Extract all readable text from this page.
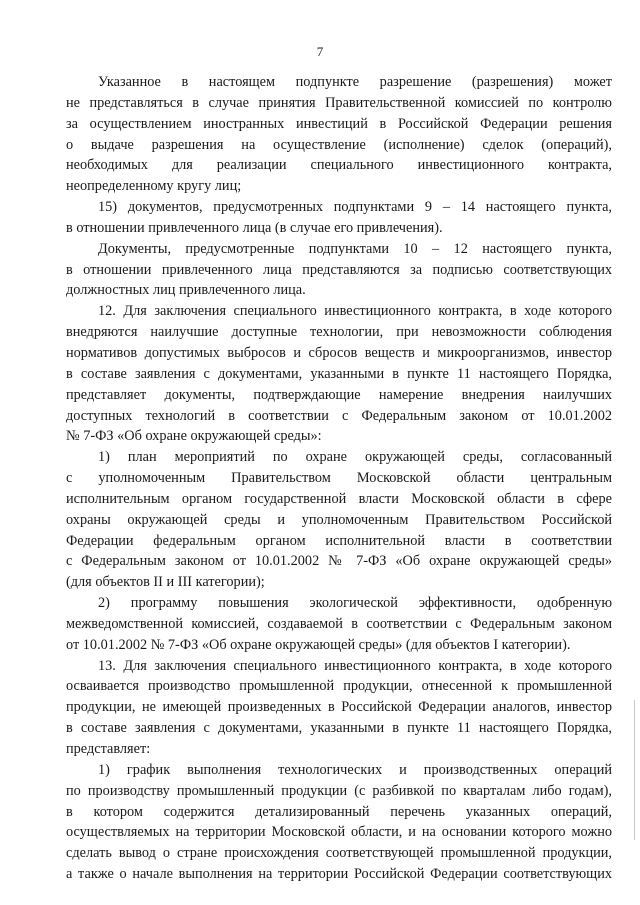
7

Указанное в настоящем подпункте разрешение (разрешения) может

не представляться в случае принятия Правительственной комиссией по контролю

за осуществлением иностранных инвестиций в Российской Федерации решения

о выдаче разрешения на осуществление (исполнение) сделок (операций),

необходимых для реализации специального инвестиционного контракта,

неопределенному кругу лиц;

15) документов, предусмотренных подпунктами 9 – 14 настоящего пункта,

в отношении привлеченного лица (в случае его привлечения).

Документы, предусмотренные подпунктами 10 – 12 настоящего пункта,

в отношении привлеченного лица представляются за подписью соответствующих

должностных лиц привлеченного лица.

12. Для заключения специального инвестиционного контракта, в ходе которого

внедряются наилучшие доступные технологии, при невозможности соблюдения

нормативов допустимых выбросов и сбросов веществ и микроорганизмов, инвестор

в составе заявления с документами, указанными в пункте 11 настоящего Порядка,

представляет документы, подтверждающие намерение внедрения наилучших

доступных технологий в соответствии с Федеральным законом от 10.01.2002

№ 7-ФЗ «Об охране окружающей среды»:

1) план мероприятий по охране окружающей среды, согласованный

с уполномоченным Правительством Московской области центральным

исполнительным органом государственной власти Московской области в сфере

охраны окружающей среды и уполномоченным Правительством Российской

Федерации федеральным органом исполнительной власти в соответствии

с Федеральным законом от 10.01.2002 № 7-ФЗ «Об охране окружающей среды»

(для объектов II и III категории);

2) программу повышения экологической эффективности, одобренную

межведомственной комиссией, создаваемой в соответствии с Федеральным законом

от 10.01.2002 № 7-ФЗ «Об охране окружающей среды» (для объектов I категории).

13. Для заключения специального инвестиционного контракта, в ходе которого

осваивается производство промышленной продукции, отнесенной к промышленной

продукции, не имеющей произведенных в Российской Федерации аналогов, инвестор

в составе заявления с документами, указанными в пункте 11 настоящего Порядка,

представляет:

1) график выполнения технологических и производственных операций

по производству промышленный продукции (с разбивкой по кварталам либо годам),

в котором содержится детализированный перечень указанных операций,

осуществляемых на территории Московской области, и на основании которого можно

сделать вывод о стране происхождения соответствующей промышленной продукции,

а также о начале выполнения на территории Российской Федерации соответствующих
